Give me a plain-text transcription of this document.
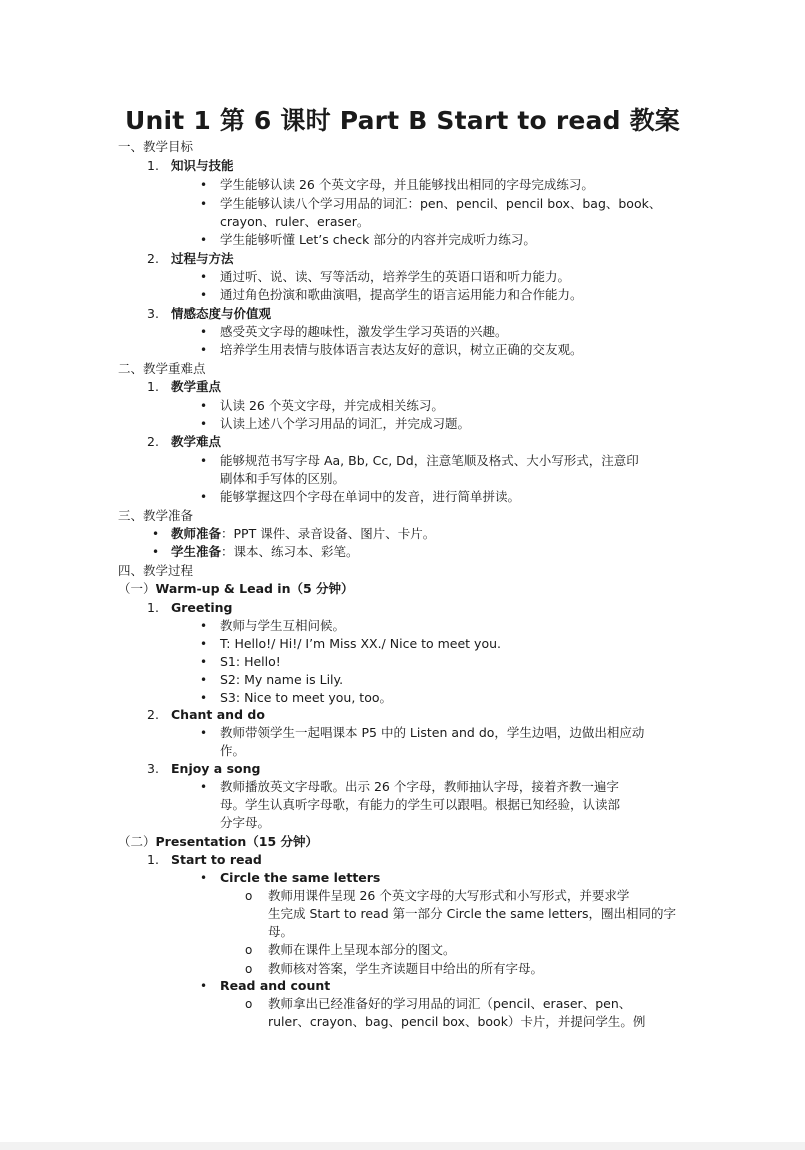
Unit 1 第 6 课时 Part B Start to read 教案
一、教学目标
1. 知识与技能
• 学生能够认读 26 个英文字母，并且能够找出相同的字母完成练习。
• 学生能够认读八个学习用品的词汇：pen、pencil、pencil box、bag、book、
crayon、ruler、eraser。
• 学生能够听懂 Let’s check 部分的内容并完成听力练习。
2. 过程与方法
• 通过听、说、读、写等活动，培养学生的英语口语和听力能力。
• 通过角色扮演和歌曲演唱，提高学生的语言运用能力和合作能力。
3. 情感态度与价值观
• 感受英文字母的趣味性，激发学生学习英语的兴趣。
• 培养学生用表情与肢体语言表达友好的意识，树立正确的交友观。
二、教学重难点
1. 教学重点
• 认读 26 个英文字母，并完成相关练习。
• 认读上述八个学习用品的词汇，并完成习题。
2. 教学难点
• 能够规范书写字母 Aa, Bb, Cc, Dd，注意笔顺及格式、大小写形式，注意印
刷体和手写体的区别。
• 能够掌握这四个字母在单词中的发音，进行简单拼读。
三、教学准备
• 教师准备：PPT 课件、录音设备、图片、卡片。
• 学生准备：课本、练习本、彩笔。
四、教学过程
（一）Warm-up & Lead in（5 分钟）
1. Greeting
• 教师与学生互相问候。
• T: Hello!/ Hi!/ I’m Miss XX./ Nice to meet you.
• S1: Hello!
• S2: My name is Lily.
• S3: Nice to meet you, too。
2. Chant and do
• 教师带领学生一起唱课本 P5 中的 Listen and do，学生边唱，边做出相应动
作。
3. Enjoy a song
• 教师播放英文字母歌。出示 26 个字母，教师抽认字母，接着齐教一遍字
母。学生认真听字母歌，有能力的学生可以跟唱。根据已知经验，认读部
分字母。
（二）Presentation（15 分钟）
1. Start to read
• Circle the same letters
o 教师用课件呈现 26 个英文字母的大写形式和小写形式，并要求学
生完成 Start to read 第一部分 Circle the same letters，圈出相同的字
母。
o 教师在课件上呈现本部分的图文。
o 教师核对答案，学生齐读题目中给出的所有字母。
• Read and count
o 教师拿出已经准备好的学习用品的词汇（pencil、eraser、pen、
ruler、crayon、bag、pencil box、book）卡片，并提问学生。例
